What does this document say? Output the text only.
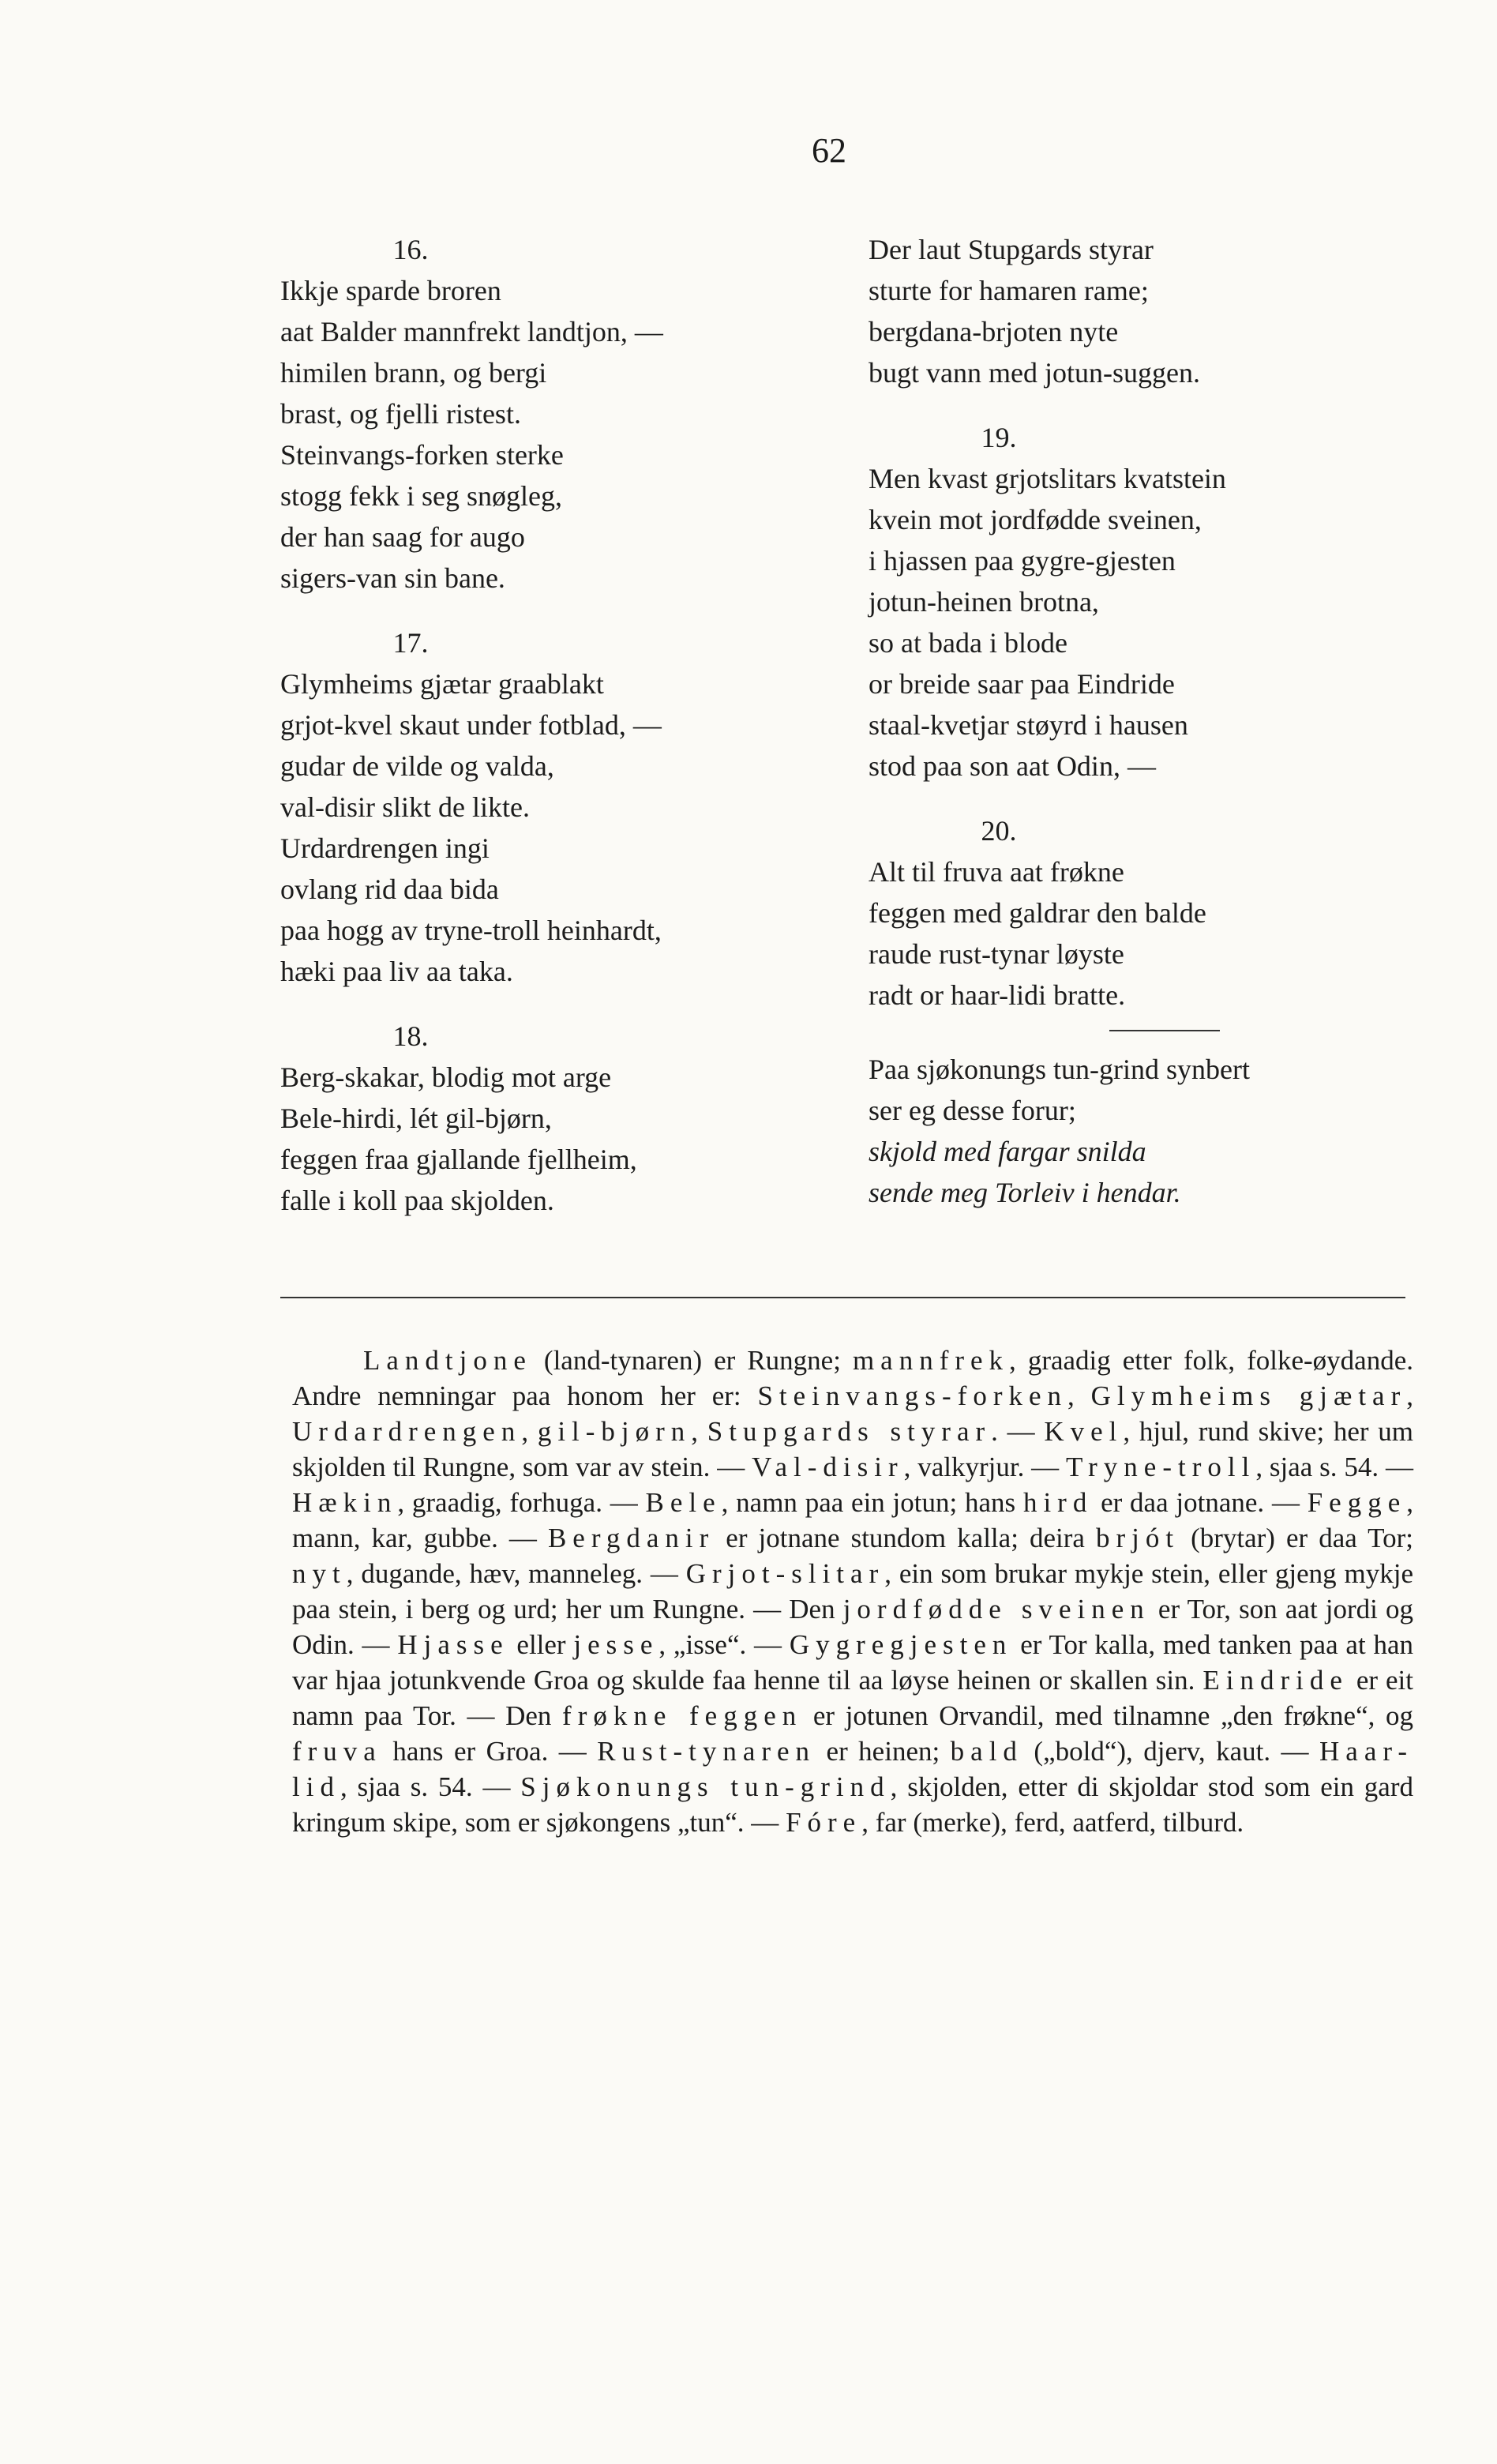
62
16.
Ikkje sparde broren
aat Balder mannfrekt landtjon, —
himilen brann, og bergi
brast, og fjelli ristest.
Steinvangs-forken sterke
stogg fekk i seg snøgleg,
der han saag for augo
sigers-van sin bane.
17.
Glymheims gjætar graablakt
grjot-kvel skaut under fotblad, —
gudar de vilde og valda,
val-disir slikt de likte.
Urdardrengen ingi
ovlang rid daa bida
paa hogg av tryne-troll heinhardt,
hæki paa liv aa taka.
18.
Berg-skakar, blodig mot arge
Bele-hirdi, lét gil-bjørn,
feggen fraa gjallande fjellheim,
falle i koll paa skjolden.
Der laut Stupgards styrar
sturte for hamaren rame;
bergdana-brjoten nyte
bugt vann med jotun-suggen.
19.
Men kvast grjotslitars kvatstein
kvein mot jordfødde sveinen,
i hjassen paa gygre-gjesten
jotun-heinen brotna,
so at bada i blode
or breide saar paa Eindride
staal-kvetjar støyrd i hausen
stod paa son aat Odin, —
20.
Alt til fruva aat frøkne
feggen med galdrar den balde
raude rust-tynar løyste
radt or haar-lidi bratte.
Paa sjøkonungs tun-grind synbert
ser eg desse forur;
skjold med fargar snilda
sende meg Torleiv i hendar.

Landtjone (land-tynaren) er Rungne; mannfrek, graadig etter folk, folke-øydande. Andre nemningar paa honom her er: Steinvangs-forken, Glymheims gjætar, Urdardrengen, gil-bjørn, Stupgards styrar. — Kvel, hjul, rund skive; her um skjolden til Rungne, som var av stein. — Val-disir, valkyrjur. — Tryne-troll, sjaa s. 54. — Hækin, graadig, forhuga. — Bele, namn paa ein jotun; hans hird er daa jotnane. — Fegge, mann, kar, gubbe. — Bergdanir er jotnane stundom kalla; deira brjót (brytar) er daa Tor; nyt, dugande, hæv, manneleg. — Grjot-slitar, ein som brukar mykje stein, eller gjeng mykje paa stein, i berg og urd; her um Rungne. — Den jordfødde sveinen er Tor, son aat jordi og Odin. — Hjasse eller jesse, „isse“. — Gygregjesten er Tor kalla, med tanken paa at han var hjaa jotunkvende Groa og skulde faa henne til aa løyse heinen or skallen sin. Eindride er eit namn paa Tor. — Den frøkne feggen er jotunen Orvandil, med tilnamne „den frøkne“, og fruva hans er Groa. — Rust-tynaren er heinen; bald („bold“), djerv, kaut. — Haar-lid, sjaa s. 54. — Sjøkonungs tun-grind, skjolden, etter di skjoldar stod som ein gard kringum skipe, som er sjøkongens „tun“. — Fóre, far (merke), ferd, aatferd, tilburd.
